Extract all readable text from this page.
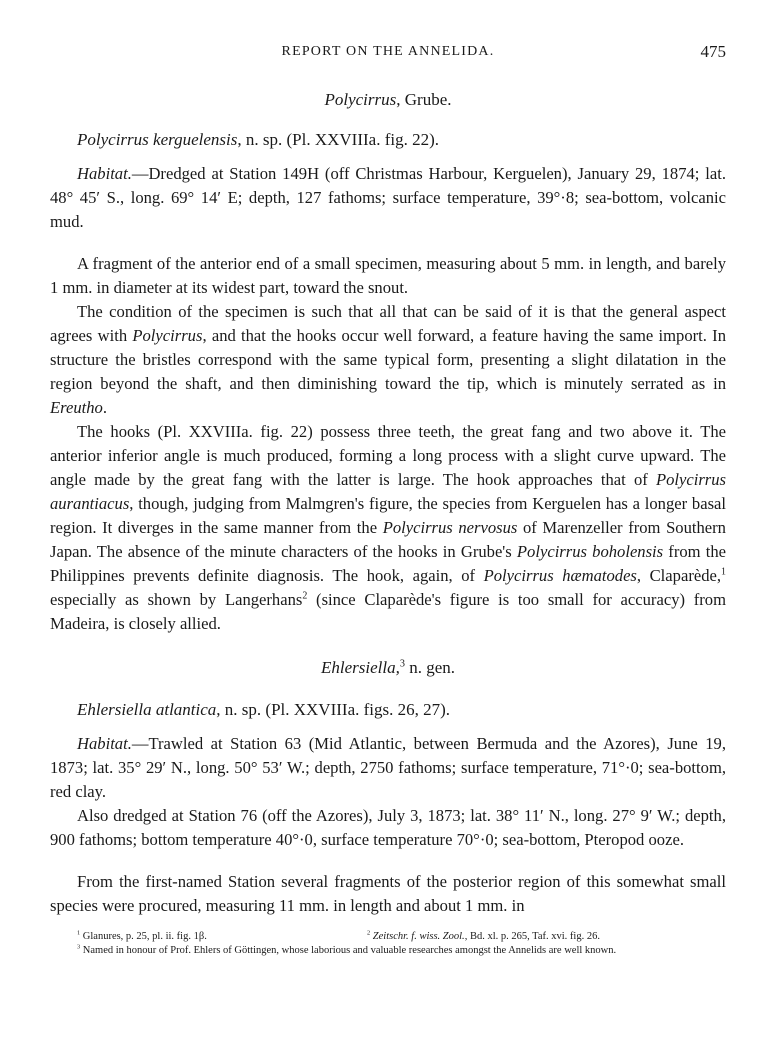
REPORT ON THE ANNELIDA.	475
Polycirrus, Grube.
Polycirrus kerguelensis, n. sp. (Pl. XXVIIIa. fig. 22).

Habitat.—Dredged at Station 149H (off Christmas Harbour, Kerguelen), January 29, 1874; lat. 48° 45′ S., long. 69° 14′ E; depth, 127 fathoms; surface temperature, 39°·8; sea-bottom, volcanic mud.

A fragment of the anterior end of a small specimen, measuring about 5 mm. in length, and barely 1 mm. in diameter at its widest part, toward the snout.

The condition of the specimen is such that all that can be said of it is that the general aspect agrees with Polycirrus, and that the hooks occur well forward, a feature having the same import. In structure the bristles correspond with the same typical form, presenting a slight dilatation in the region beyond the shaft, and then diminishing toward the tip, which is minutely serrated as in Ereutho.

The hooks (Pl. XXVIIIa. fig. 22) possess three teeth, the great fang and two above it. The anterior inferior angle is much produced, forming a long process with a slight curve upward. The angle made by the great fang with the latter is large. The hook approaches that of Polycirrus aurantiacus, though, judging from Malmgren's figure, the species from Kerguelen has a longer basal region. It diverges in the same manner from the Polycirrus nervosus of Marenzeller from Southern Japan. The absence of the minute characters of the hooks in Grube's Polycirrus boholensis from the Philippines prevents definite diagnosis. The hook, again, of Polycirrus hæmatodes, Claparède,$^1$ especially as shown by Langerhans$^2$ (since Claparède's figure is too small for accuracy) from Madeira, is closely allied.

Ehlersiella,$^3$ n. gen.
Ehlersiella atlantica, n. sp. (Pl. XXVIIIa. figs. 26, 27).

Habitat.—Trawled at Station 63 (Mid Atlantic, between Bermuda and the Azores), June 19, 1873; lat. 35° 29′ N., long. 50° 53′ W.; depth, 2750 fathoms; surface temperature, 71°·0; sea-bottom, red clay.

Also dredged at Station 76 (off the Azores), July 3, 1873; lat. 38° 11′ N., long. 27° 9′ W.; depth, 900 fathoms; bottom temperature 40°·0, surface temperature 70°·0; sea-bottom, Pteropod ooze.

From the first-named Station several fragments of the posterior region of this somewhat small species were procured, measuring 11 mm. in length and about 1 mm. in

$^1$ Glanures, p. 25, pl. ii. fig. 1β.	$^2$ Zeitschr. f. wiss. Zool., Bd. xl. p. 265, Taf. xvi. fig. 26.
$^3$ Named in honour of Prof. Ehlers of Göttingen, whose laborious and valuable researches amongst the Annelids are well known.
